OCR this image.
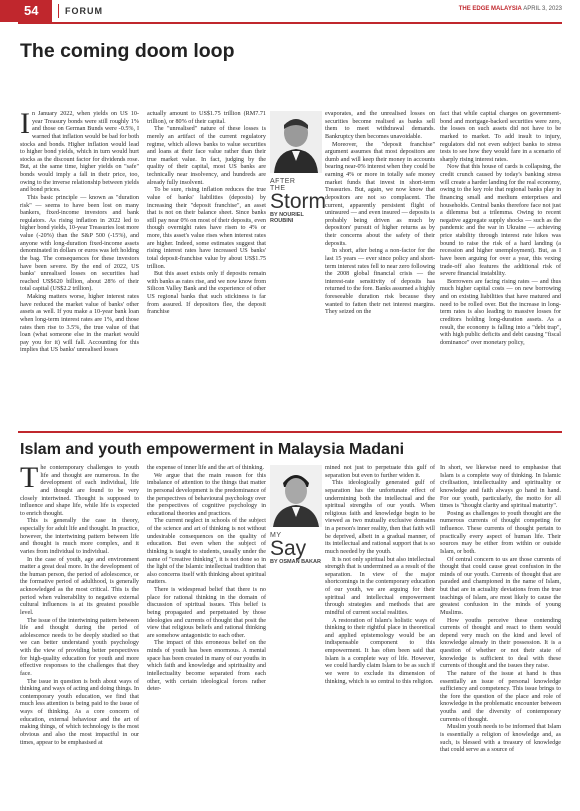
54	FORUM	THE EDGE MALAYSIA APRIL 3, 2023
The coming doom loop

In January 2022, when yields on US 10-year Treasury bonds were still roughly 1% and those on German Bunds were -0.5%, I warned that inflation would be bad for both stocks and bonds. Higher inflation would lead to higher bond yields, which in turn would hurt stocks as the discount factor for dividends rose. But, at the same time, higher yields on "safe" bonds would imply a fall in their price, too, owing to the inverse relationship between yields and bond prices.

This basic principle — known as "duration risk" — seems to have been lost on many bankers, fixed-income investors and bank regulators. As rising inflation in 2022 led to higher bond yields, 10-year Treasuries lost more value (-20%) than the S&P 500 (-15%), and anyone with long-duration fixed-income assets denominated in dollars or euros was left holding the bag. The consequences for these investors have been severe. By the end of 2022, US banks' unrealised losses on securities had reached US$620 billion, about 28% of their total capital (US$2.2 trillion).

Making matters worse, higher interest rates have reduced the market value of banks' other assets as well. If you make a 10-year bank loan when long-term interest rates are 1%, and those rates then rise to 3.5%, the true value of that loan (what someone else in the market would pay you for it) will fall. Accounting for this implies that US banks' unrealised losses

actually amount to US$1.75 trillion (RM7.71 trillion), or 80% of their capital.

The "unrealised" nature of these losses is merely an artifact of the current regulatory regime, which allows banks to value securities and loans at their face value rather than their true market value. In fact, judging by the quality of their capital, most US banks are technically near insolvency, and hundreds are already fully insolvent.

To be sure, rising inflation reduces the true value of banks' liabilities (deposits) by increasing their "deposit franchise", an asset that is not on their balance sheet. Since banks still pay near 0% on most of their deposits, even though overnight rates have risen to 4% or more, this asset's value rises when interest rates are higher. Indeed, some estimates suggest that rising interest rates have increased US banks' total deposit-franchise value by about US$1.75 trillion.

But this asset exists only if deposits remain with banks as rates rise, and we now know from Silicon Valley Bank and the experience of other US regional banks that such stickiness is far from assured. If depositors flee, the deposit franchise

AFTER
THE
Storm
BY NOURIEL ROUBINI

evaporates, and the unrealised losses on securities become realised as banks sell them to meet withdrawal demands. Bankruptcy then becomes unavoidable.

Moreover, the "deposit franchise" argument assumes that most depositors are dumb and will keep their money in accounts bearing near-0% interest when they could be earning 4% or more in totally safe money market funds that invest in short-term Treasuries. But, again, we now know that depositors are not so complacent. The current, apparently persistent flight of uninsured — and even insured — deposits is probably being driven as much by depositors' pursuit of higher returns as by their concerns about the safety of their deposits.

In short, after being a non-factor for the last 15 years — ever since policy and short-term interest rates fell to near zero following the 2008 global financial crisis — the interest-rate sensitivity of deposits has returned to the fore. Banks assumed a highly foreseeable duration risk because they wanted to fatten their net interest margins. They seized on the

fact that while capital charges on government-bond and mortgage-backed securities were zero, the losses on such assets did not have to be marked to market. To add insult to injury, regulators did not even subject banks to stress tests to see how they would fare in a scenario of sharply rising interest rates.

Now that this house of cards is collapsing, the credit crunch caused by today's banking stress will create a harder landing for the real economy, owing to the key role that regional banks play in financing small and medium enterprises and households. Central banks therefore face not just a dilemma but a trilemma. Owing to recent negative aggregate supply shocks — such as the pandemic and the war in Ukraine — achieving price stability through interest rate hikes was bound to raise the risk of a hard landing (a recession and higher unemployment). But, as I have been arguing for over a year, this vexing trade-off also features the additional risk of severe financial instability.

Borrowers are facing rising rates — and thus much higher capital costs — on new borrowing and on existing liabilities that have matured and need to be rolled over. But the increase in long-term rates is also leading to massive losses for creditors holding long-duration assets. As a result, the economy is falling into a "debt trap", with high public deficits and debt causing "fiscal dominance" over monetary policy,

Islam and youth empowerment in Malaysia Madani

The contemporary challenges to youth life and thought are numerous. In the development of each individual, life and thought are found to be very closely intertwined. Thought is supposed to influence and shape life, while life is expected to enrich thought.

This is generally the case in theory, especially for adult life and thought. In practice, however, the intertwining pattern between life and thought is much more complex, and it varies from individual to individual.

In the case of youth, age and environment matter a great deal more. In the development of the human person, the period of adolescence, or the formative period of adulthood, is generally acknowledged as the most critical. This is the period when vulnerability to negative external cultural influences is at its greatest possible level.

The issue of the intertwining pattern between life and thought during the period of adolescence needs to be deeply studied so that we can better understand youth psychology with the view of providing better perspectives for high-quality education for youth and more effective responses to the challenges that they face.

The issue in question is both about ways of thinking and ways of acting and doing things. In contemporary youth education, we find that much less attention is being paid to the issue of ways of thinking. As a core concern of education, external behaviour and the art of making things, of which technology is the most obvious and also the most impactful in our times, appear to be emphasised at

the expense of inner life and the art of thinking.

We argue that the main reason for this imbalance of attention to the things that matter in personal development is the predominance of the perspectives of behavioural psychology over the perspectives of cognitive psychology in educational theories and practices.

The current neglect in schools of the subject of the science and art of thinking is not without undesirable consequences on the quality of education. But even when the subject of thinking is taught to students, usually under the name of "creative thinking", it is not done so in the light of the Islamic intellectual tradition that also concerns itself with thinking about spiritual matters.

There is widespread belief that there is no place for rational thinking in the domain of discussion of spiritual issues. This belief is being propagated and perpetuated by those ideologies and currents of thought that posit the view that religious beliefs and rational thinking are somehow antagonistic to each other.

The impact of this erroneous belief on the minds of youth has been enormous. A mental space has been created in many of our youths in which faith and knowledge and spirituality and intellectuality become separated from each other, with certain ideological forces rather deter-

MY
Say
BY OSMAN BAKAR

mined not just to perpetuate this gulf of separation but even to further widen it.

This ideologically generated gulf of separation has the unfortunate effect of undermining both the intellectual and the spiritual strengths of our youth. When religious faith and knowledge begin to be viewed as two mutually exclusive domains in a person's inner reality, then that faith will be deprived, albeit in a gradual manner, of its intellectual and rational support that is so much needed by the youth.

It is not only spiritual but also intellectual strength that is undermined as a result of the separation. In view of the major shortcomings in the contemporary education of our youth, we are arguing for their spiritual and intellectual empowerment through strategies and methods that are mindful of current social realities.

A restoration of Islam's holistic ways of thinking to their rightful place in theoretical and applied epistemology would be an indispensable component to this empowerment. It has often been said that Islam is a complete way of life. However, we could hardly claim Islam to be as such if we were to exclude its dimension of thinking, which is so central to this religion.

In short, we likewise need to emphasise that Islam is a complete way of thinking. In Islamic civilisation, intellectuality and spirituality or knowledge and faith always go hand in hand. For our youth, particularly, the motto for all times is "thought clarity and spiritual maturity".

Posing as challenges to youth thought are the numerous currents of thought competing for influence. These currents of thought pertain to practically every aspect of human life. Their sources may be either from within or outside Islam, or both.

Of central concern to us are those currents of thought that could cause great confusion in the minds of our youth. Currents of thought that are paraded and championed in the name of Islam, but that are in actuality deviations from the true teachings of Islam, are most likely to cause the greatest confusion in the minds of young Muslims.

How youths perceive these contending currents of thought and react to them would depend very much on the kind and level of knowledge already in their possession. It is a question of whether or not their state of knowledge is sufficient to deal with these currents of thought and the issues they raise.

The nature of the issue at hand is thus essentially an issue of personal knowledge sufficiency and competency. This issue brings to the fore the question of the place and role of knowledge in the problematic encounter between youths and the diversity of contemporary currents of thought.

Muslim youth needs to be informed that Islam is essentially a religion of knowledge and, as such, is blessed with a treasury of knowledge that could serve as a source of
